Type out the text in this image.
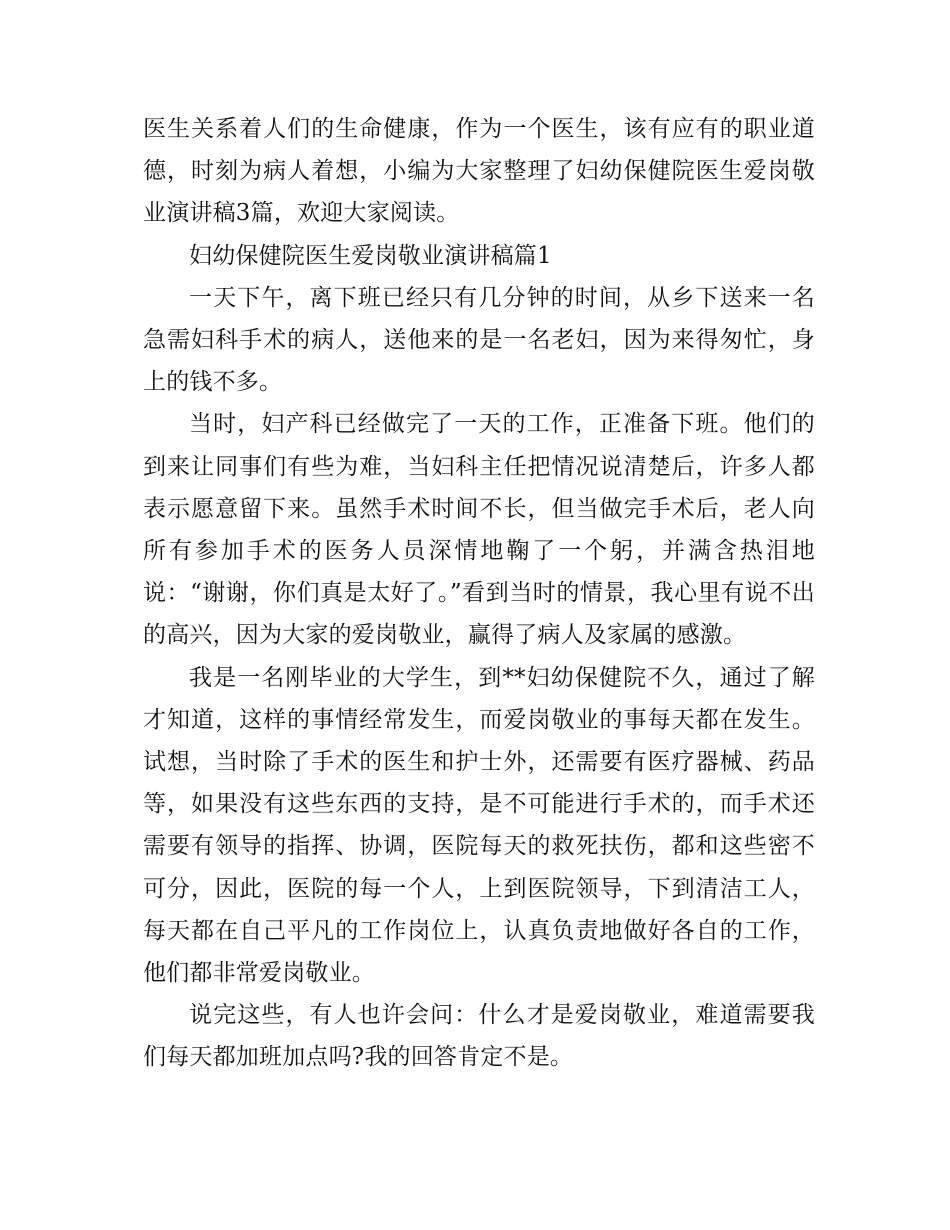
医生关系着人们的生命健康，作为一个医生，该有应有的职业道德，时刻为病人着想，小编为大家整理了妇幼保健院医生爱岗敬业演讲稿3篇，欢迎大家阅读。

妇幼保健院医生爱岗敬业演讲稿篇1

一天下午，离下班已经只有几分钟的时间，从乡下送来一名急需妇科手术的病人，送他来的是一名老妇，因为来得匆忙，身上的钱不多。

当时，妇产科已经做完了一天的工作，正准备下班。他们的到来让同事们有些为难，当妇科主任把情况说清楚后，许多人都表示愿意留下来。虽然手术时间不长，但当做完手术后，老人向所有参加手术的医务人员深情地鞠了一个躬，并满含热泪地说：“谢谢，你们真是太好了。”看到当时的情景，我心里有说不出的高兴，因为大家的爱岗敬业，赢得了病人及家属的感激。

我是一名刚毕业的大学生，到**妇幼保健院不久，通过了解才知道，这样的事情经常发生，而爱岗敬业的事每天都在发生。试想，当时除了手术的医生和护士外，还需要有医疗器械、药品等，如果没有这些东西的支持，是不可能进行手术的，而手术还需要有领导的指挥、协调，医院每天的救死扶伤，都和这些密不可分，因此，医院的每一个人，上到医院领导，下到清洁工人，每天都在自己平凡的工作岗位上，认真负责地做好各自的工作，他们都非常爱岗敬业。

说完这些，有人也许会问：什么才是爱岗敬业，难道需要我们每天都加班加点吗?我的回答肯定不是。
